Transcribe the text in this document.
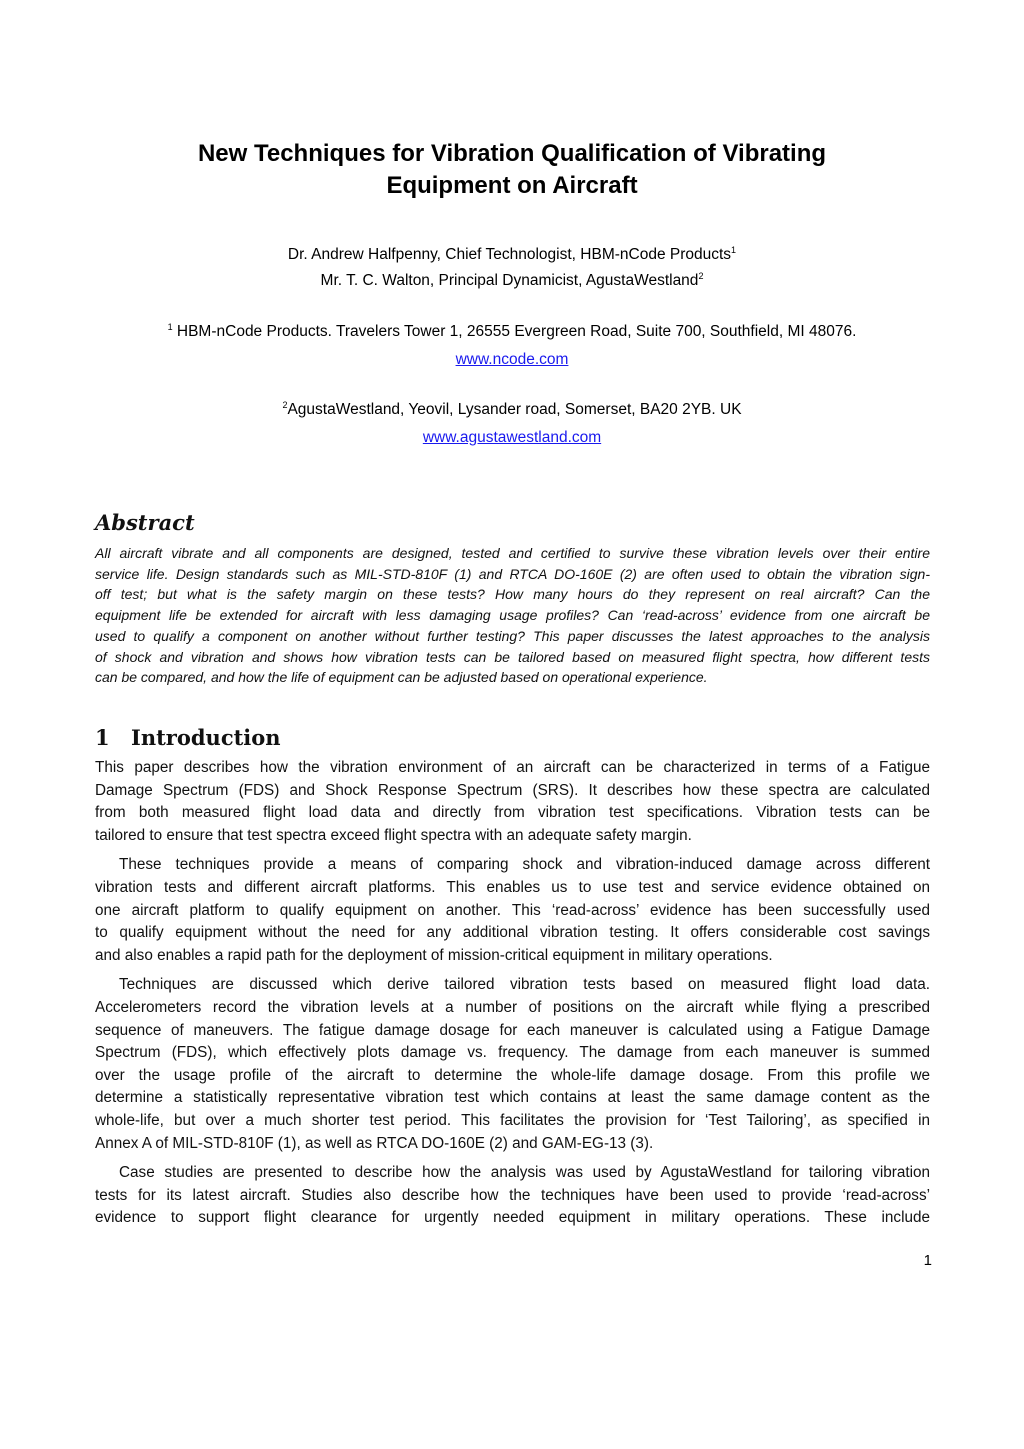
New Techniques for Vibration Qualification of Vibrating
Equipment on Aircraft
Dr. Andrew Halfpenny, Chief Technologist, HBM-nCode Products$^1$
Mr. T. C. Walton, Principal Dynamicist, AgustaWestland$^2$
$^1$ HBM-nCode Products. Travelers Tower 1, 26555 Evergreen Road, Suite 700, Southfield, MI 48076.
www.ncode.com
$^2$AgustaWestland, Yeovil, Lysander road, Somerset, BA20 2YB. UK
www.agustawestland.com
Abstract

All aircraft vibrate and all components are designed, tested and certified to survive these vibration levels over their entire
service life. Design standards such as MIL-STD-810F (1) and RTCA DO-160E (2) are often used to obtain the vibration sign-
off test; but what is the safety margin on these tests? How many hours do they represent on real aircraft? Can the
equipment life be extended for aircraft with less damaging usage profiles? Can ‘read-across’ evidence from one aircraft be
used to qualify a component on another without further testing? This paper discusses the latest approaches to the analysis
of shock and vibration and shows how vibration tests can be tailored based on measured flight spectra, how different tests
can be compared, and how the life of equipment can be adjusted based on operational experience.

1 Introduction

This paper describes how the vibration environment of an aircraft can be characterized in terms of a Fatigue
Damage Spectrum (FDS) and Shock Response Spectrum (SRS). It describes how these spectra are calculated
from both measured flight load data and directly from vibration test specifications. Vibration tests can be
tailored to ensure that test spectra exceed flight spectra with an adequate safety margin.

These techniques provide a means of comparing shock and vibration-induced damage across different
vibration tests and different aircraft platforms. This enables us to use test and service evidence obtained on
one aircraft platform to qualify equipment on another. This ‘read-across’ evidence has been successfully used
to qualify equipment without the need for any additional vibration testing. It offers considerable cost savings
and also enables a rapid path for the deployment of mission-critical equipment in military operations.

Techniques are discussed which derive tailored vibration tests based on measured flight load data.
Accelerometers record the vibration levels at a number of positions on the aircraft while flying a prescribed
sequence of maneuvers. The fatigue damage dosage for each maneuver is calculated using a Fatigue Damage
Spectrum (FDS), which effectively plots damage vs. frequency. The damage from each maneuver is summed
over the usage profile of the aircraft to determine the whole-life damage dosage. From this profile we
determine a statistically representative vibration test which contains at least the same damage content as the
whole-life, but over a much shorter test period. This facilitates the provision for ‘Test Tailoring’, as specified in
Annex A of MIL-STD-810F (1), as well as RTCA DO-160E (2) and GAM-EG-13 (3).

Case studies are presented to describe how the analysis was used by AgustaWestland for tailoring vibration
tests for its latest aircraft. Studies also describe how the techniques have been used to provide ‘read-across’
evidence to support flight clearance for urgently needed equipment in military operations. These include

1
